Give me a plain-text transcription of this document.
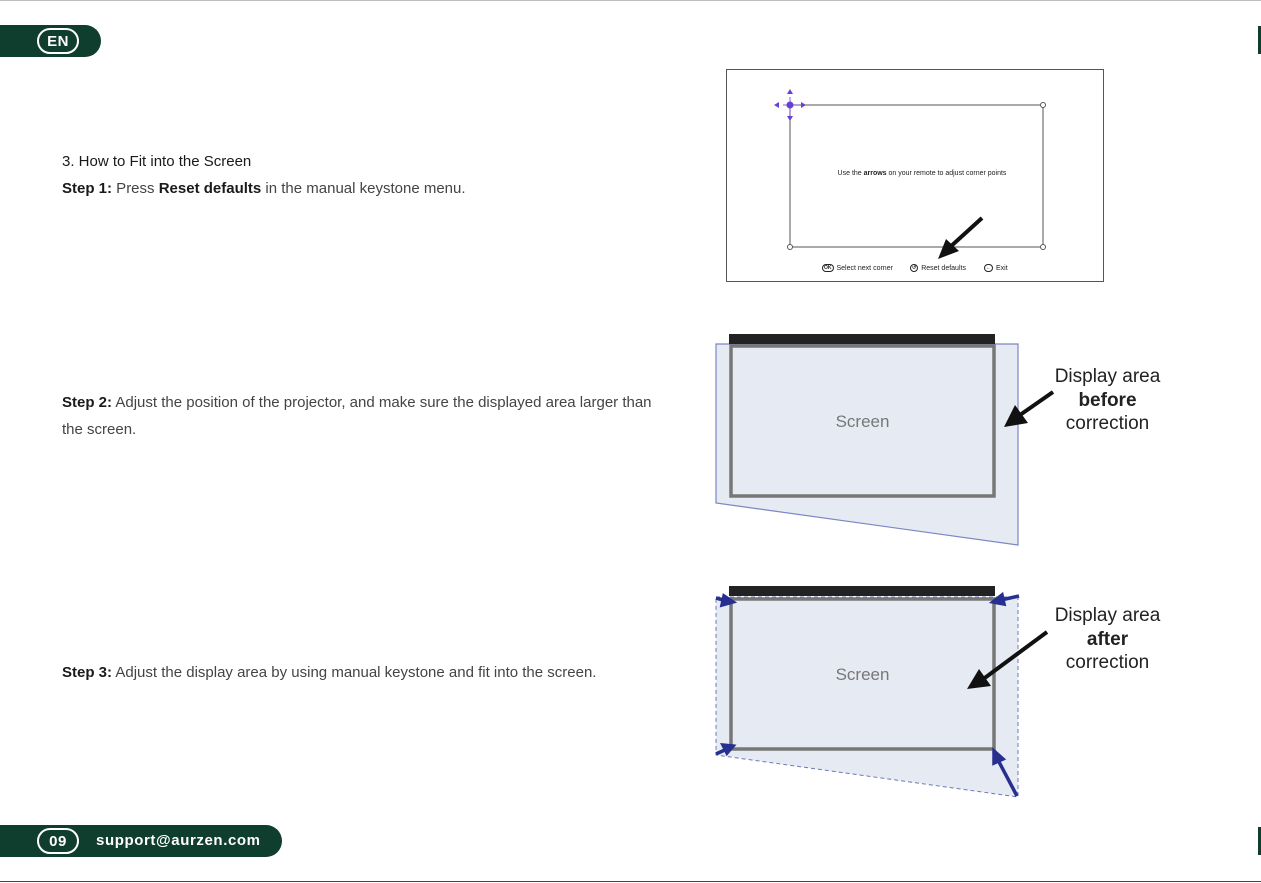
EN
3. How to Fit into the Screen
Step 1: Press Reset defaults in the manual keystone menu.
Step 2: Adjust the position of the projector, and make sure the displayed area larger than the screen.
Step 3: Adjust the display area by using manual keystone and fit into the screen.
Use the arrows on your remote to adjust corner points
OK Select next corner	↺ Reset defaults	← Exit
Screen
Display area
before
correction
Screen
Display area
after
correction
09	support@aurzen.com
